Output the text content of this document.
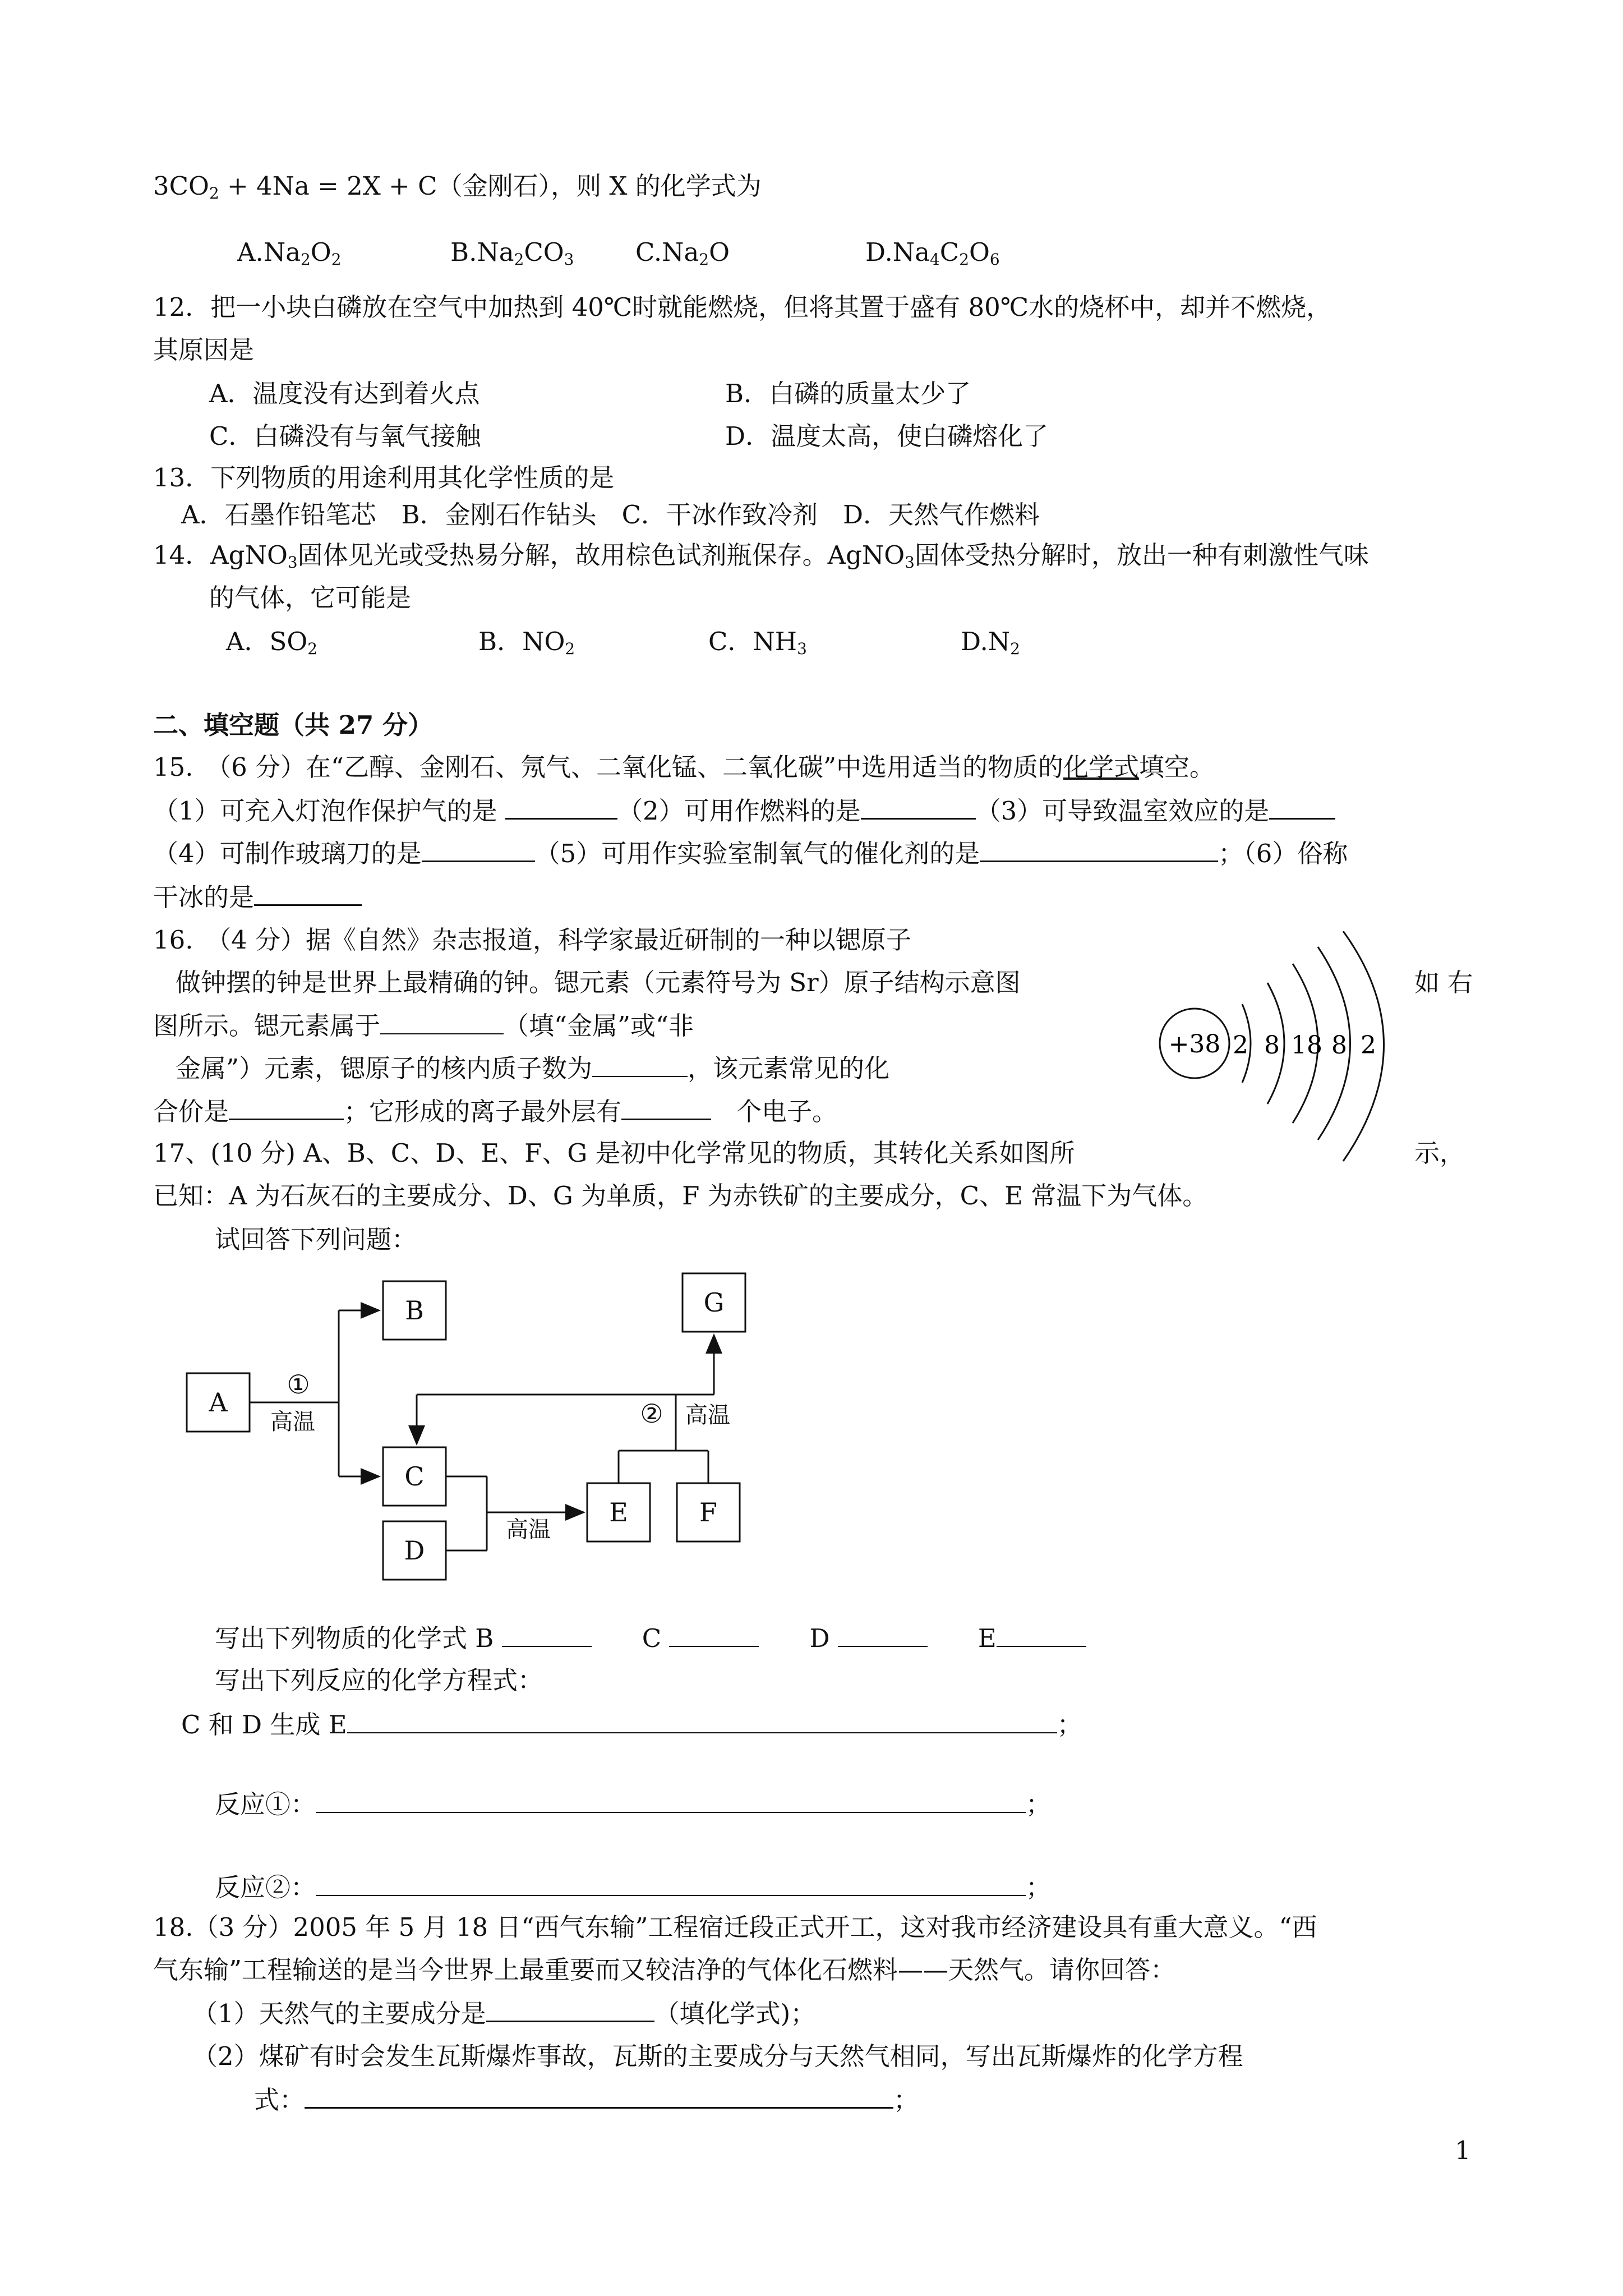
$3CO_2 + 4Na = 2X + C$（金刚石），则 X 的化学式为
$A.Na_2O_2$	$B.Na_2CO_3$ $C.Na_2O$	$D.Na_4C_2O_6$
12．把一小块白磷放在空气中加热到 40℃时就能燃烧，但将其置于盛有 80℃水的烧杯中，却并不燃烧，
其原因是
A．温度没有达到着火点	B．白磷的质量太少了
C．白磷没有与氧气接触	D．温度太高，使白磷熔化了
13．下列物质的用途利用其化学性质的是
A．石墨作铅笔芯　B．金刚石作钻头　C．干冰作致冷剂　D．天然气作燃料
14．AgNO$_3$固体见光或受热易分解，故用棕色试剂瓶保存。AgNO$_3$固体受热分解时，放出一种有刺激性气味
的气体，它可能是
A．$SO_2$	B．$NO_2$	C．$NH_3$	$D.N_2$
二、填空题（共 27 分）
15.　（6 分）在“乙醇、金刚石、氖气、二氧化锰、二氧化碳”中选用适当的物质的化学式填空。
（1）可充入灯泡作保护气的是	（2）可用作燃料的是	（3）可导致温室效应的是
（4）可制作玻璃刀的是	（5）可用作实验室制氧气的催化剂的是	；（6）俗称
干冰的是
16.　（4 分）据《自然》杂志报道，科学家最近研制的一种以锶原子
做钟摆的钟是世界上最精确的钟。锶元素（元素符号为 Sr）原子结构示意图	如 右
图所示。锶元素属于	（填“金属”或“非
金属”）元素，锶原子的核内质子数为	，该元素常见的化
合价是	；它形成的离子最外层有　	个电子。
+38 2 8 18 8 2
17、(10 分) A、B、C、D、E、F、G 是初中化学常见的物质，其转化关系如图所	示，
已知：A 为石灰石的主要成分、D、G 为单质，F 为赤铁矿的主要成分，C、E 常温下为气体。
试回答下列问题：
A
B
C
D
E	F
G
①
高温	② 高温
高温
写出下列物质的化学式 B 　　	C 　　	D 　　	E
写出下列反应的化学方程式：
C 和 D 生成 E	；
反应①：	；
反应②：	；
18.（3 分）2005 年 5 月 18 日“西气东输”工程宿迁段正式开工，这对我市经济建设具有重大意义。“西
气东输”工程输送的是当今世界上最重要而又较洁净的气体化石燃料——天然气。请你回答：
（1）天然气的主要成分是	（填化学式)；
（2）煤矿有时会发生瓦斯爆炸事故，瓦斯的主要成分与天然气相同，写出瓦斯爆炸的化学方程
式：	；
1
